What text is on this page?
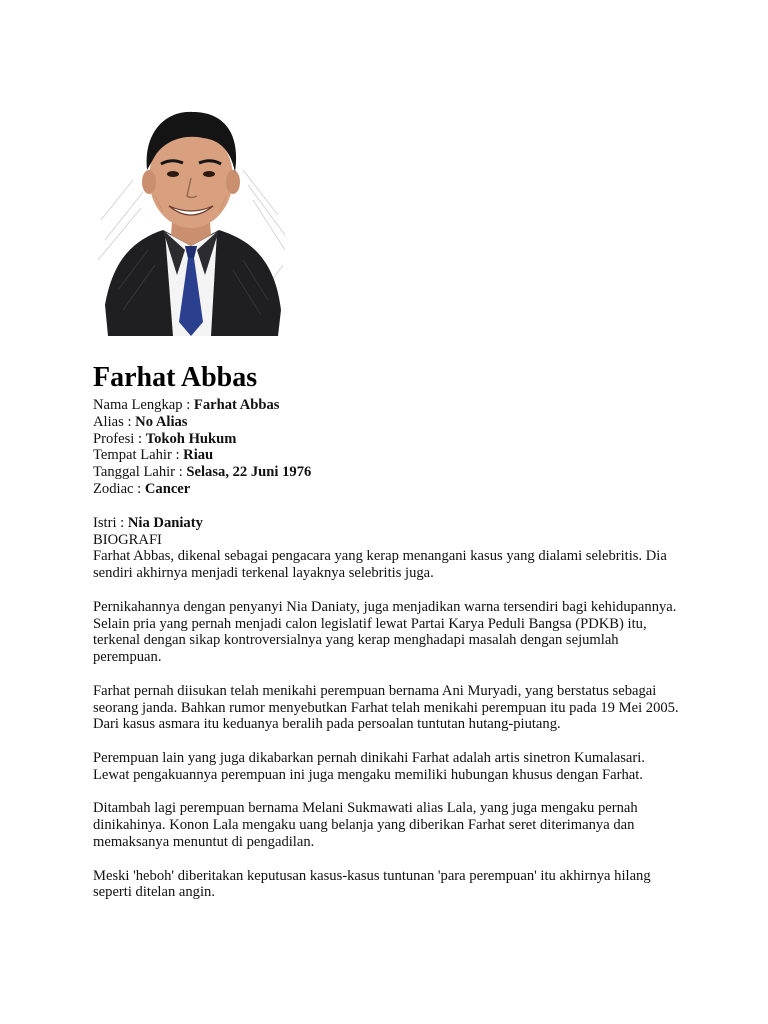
Farhat Abbas

Nama Lengkap : Farhat Abbas

Alias : No Alias

Profesi : Tokoh Hukum

Tempat Lahir : Riau

Tanggal Lahir : Selasa, 22 Juni 1976

Zodiac : Cancer

Istri : Nia Daniaty

BIOGRAFI

Farhat Abbas, dikenal sebagai pengacara yang kerap menangani kasus yang dialami selebritis. Dia sendiri akhirnya menjadi terkenal layaknya selebritis juga.

Pernikahannya dengan penyanyi Nia Daniaty, juga menjadikan warna tersendiri bagi kehidupannya. Selain pria yang pernah menjadi calon legislatif lewat Partai Karya Peduli Bangsa (PDKB) itu, terkenal dengan sikap kontroversialnya yang kerap menghadapi masalah dengan sejumlah perempuan.

Farhat pernah diisukan telah menikahi perempuan bernama Ani Muryadi, yang berstatus sebagai seorang janda. Bahkan rumor menyebutkan Farhat telah menikahi perempuan itu pada 19 Mei 2005. Dari kasus asmara itu keduanya beralih pada persoalan tuntutan hutang-piutang.

Perempuan lain yang juga dikabarkan pernah dinikahi Farhat adalah artis sinetron Kumalasari. Lewat pengakuannya perempuan ini juga mengaku memiliki hubungan khusus dengan Farhat.

Ditambah lagi perempuan bernama Melani Sukmawati alias Lala, yang juga mengaku pernah dinikahinya. Konon Lala mengaku uang belanja yang diberikan Farhat seret diterimanya dan memaksanya menuntut di pengadilan.

Meski 'heboh' diberitakan keputusan kasus-kasus tuntunan 'para perempuan' itu akhirnya hilang seperti ditelan angin.
